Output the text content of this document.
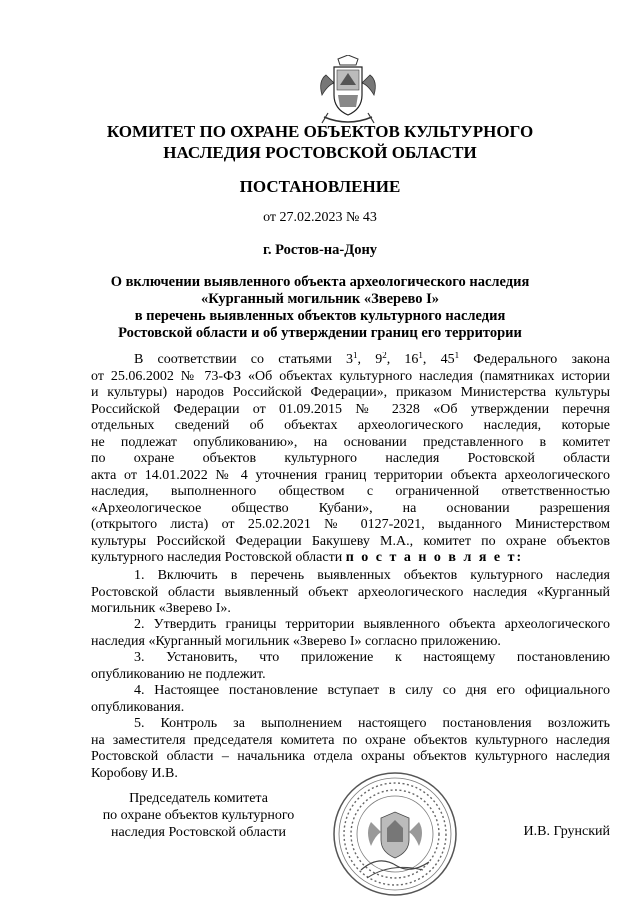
КОМИТЕТ ПО ОХРАНЕ ОБЪЕКТОВ КУЛЬТУРНОГО
НАСЛЕДИЯ РОСТОВСКОЙ ОБЛАСТИ
ПОСТАНОВЛЕНИЕ
от 27.02.2023 № 43
г. Ростов-на-Дону
О включении выявленного объекта археологического наследия
«Курганный могильник «Зверево I»
в перечень выявленных объектов культурного наследия
Ростовской области и об утверждении границ его территории
В соответствии со статьями $3^1$, $9^2$, $16^1$, $45^1$ Федерального закона
от 25.06.2002 № 73-ФЗ «Об объектах культурного наследия (памятниках истории
и культуры) народов Российской Федерации», приказом Министерства культуры
Российской Федерации от 01.09.2015 № 2328 «Об утверждении перечня
отдельных сведений об объектах археологического наследия, которые
не подлежат опубликованию», на основании представленного в комитет
по охране объектов культурного наследия Ростовской области
акта от 14.01.2022 № 4 уточнения границ территории объекта археологического
наследия, выполненного обществом с ограниченной ответственностью
«Археологическое общество Кубани», на основании разрешения
(открытого листа) от 25.02.2021 № 0127-2021, выданного Министерством
культуры Российской Федерации Бакушеву М.А., комитет по охране объектов
культурного наследия Ростовской области п о с т а н о в л я е т:
1. Включить в перечень выявленных объектов культурного наследия
Ростовской области выявленный объект археологического наследия «Курганный
могильник «Зверево I».
2. Утвердить границы территории выявленного объекта археологического
наследия «Курганный могильник «Зверево I» согласно приложению.
3. Установить, что приложение к настоящему постановлению
опубликованию не подлежит.
4. Настоящее постановление вступает в силу со дня его официального
опубликования.
5. Контроль за выполнением настоящего постановления возложить
на заместителя председателя комитета по охране объектов культурного наследия
Ростовской области – начальника отдела охраны объектов культурного наследия
Коробову И.В.
Председатель комитета
по охране объектов культурного
наследия Ростовской области	И.В. Грунский
